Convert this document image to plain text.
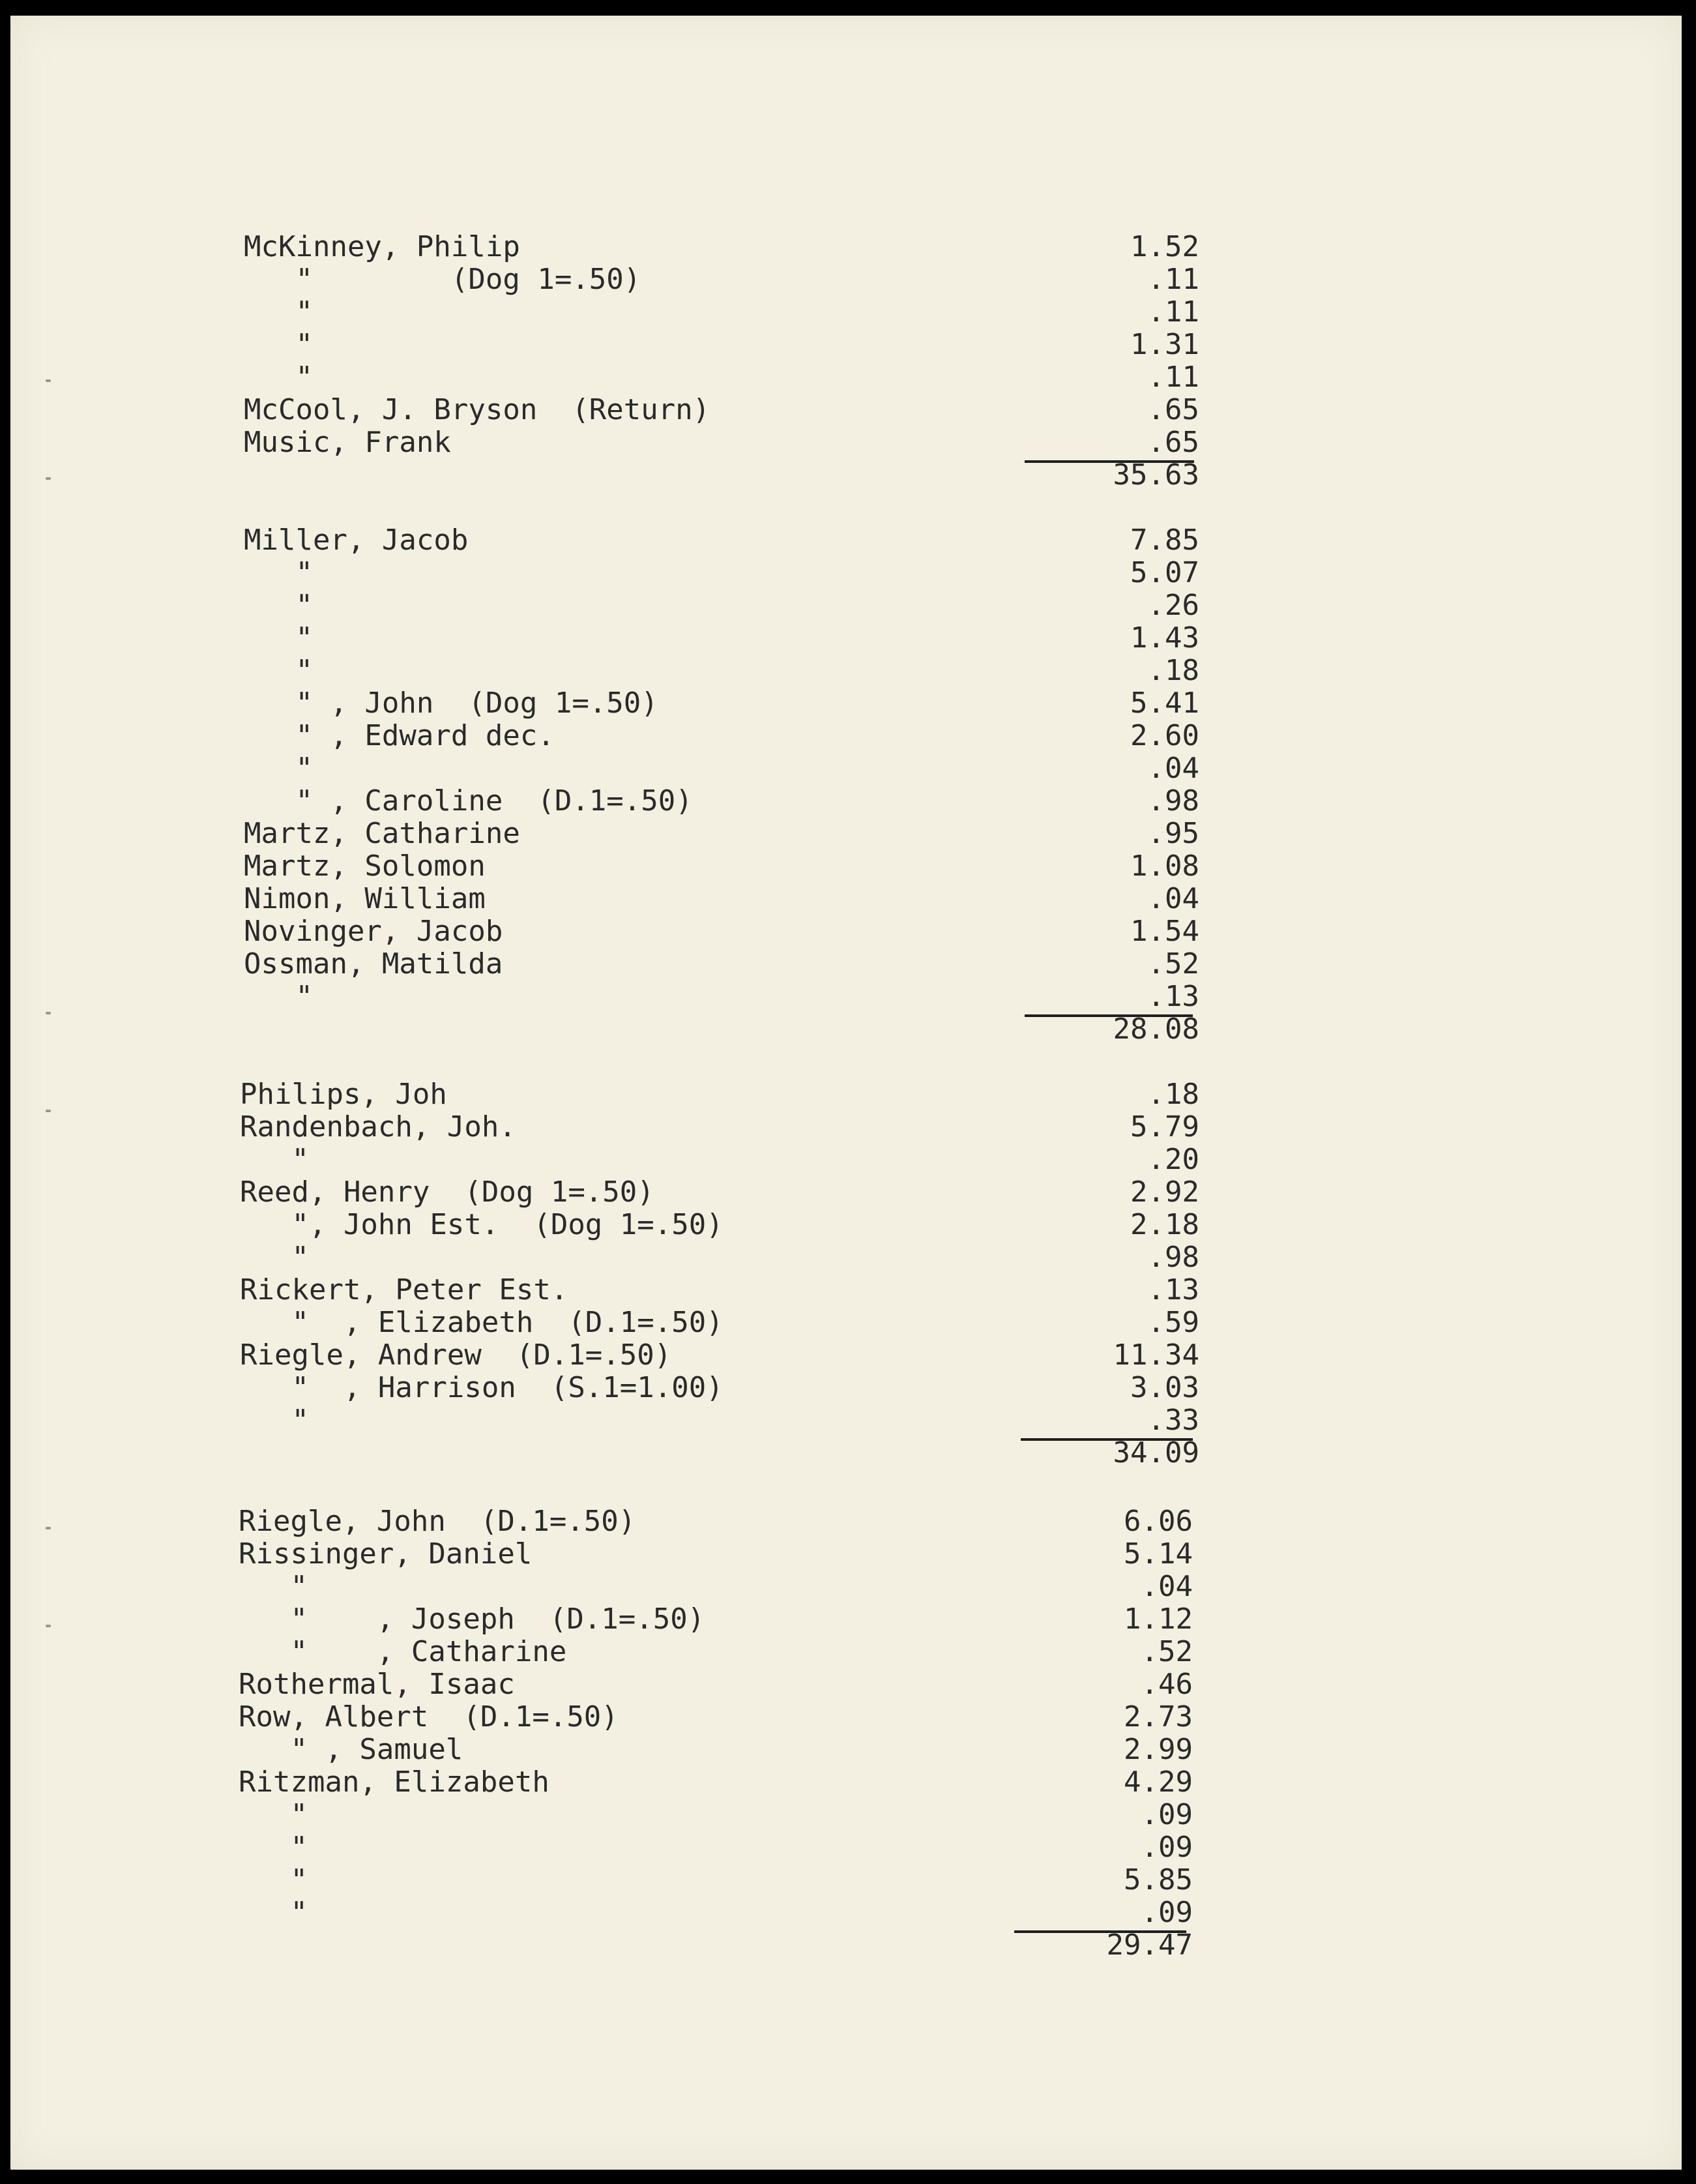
McKinney, Philip	1.52
"        (Dog 1=.50)	.11
"	.11
"	1.31
"	.11
McCool, J. Bryson  (Return)	.65
Music, Frank	.65
35.63
Miller, Jacob	7.85
"	5.07
"	.26
"	1.43
"	.18
" , John  (Dog 1=.50)	5.41
" , Edward dec.	2.60
"	.04
" , Caroline  (D.1=.50)	.98
Martz, Catharine	.95
Martz, Solomon	1.08
Nimon, William	.04
Novinger, Jacob	1.54
Ossman, Matilda	.52
"	.13
28.08
Philips, Joh	.18
Randenbach, Joh.	5.79
"	.20
Reed, Henry  (Dog 1=.50)	2.92
", John Est.  (Dog 1=.50)	2.18
"	.98
Rickert, Peter Est.	.13
"  , Elizabeth  (D.1=.50)	.59
Riegle, Andrew  (D.1=.50)	11.34
"  , Harrison  (S.1=1.00)	3.03
"	.33
34.09
Riegle, John  (D.1=.50)	6.06
Rissinger, Daniel	5.14
"	.04
"    , Joseph  (D.1=.50)	1.12
"    , Catharine	.52
Rothermal, Isaac	.46
Row, Albert  (D.1=.50)	2.73
" , Samuel	2.99
Ritzman, Elizabeth	4.29
"	.09
"	.09
"	5.85
"	.09
29.47
